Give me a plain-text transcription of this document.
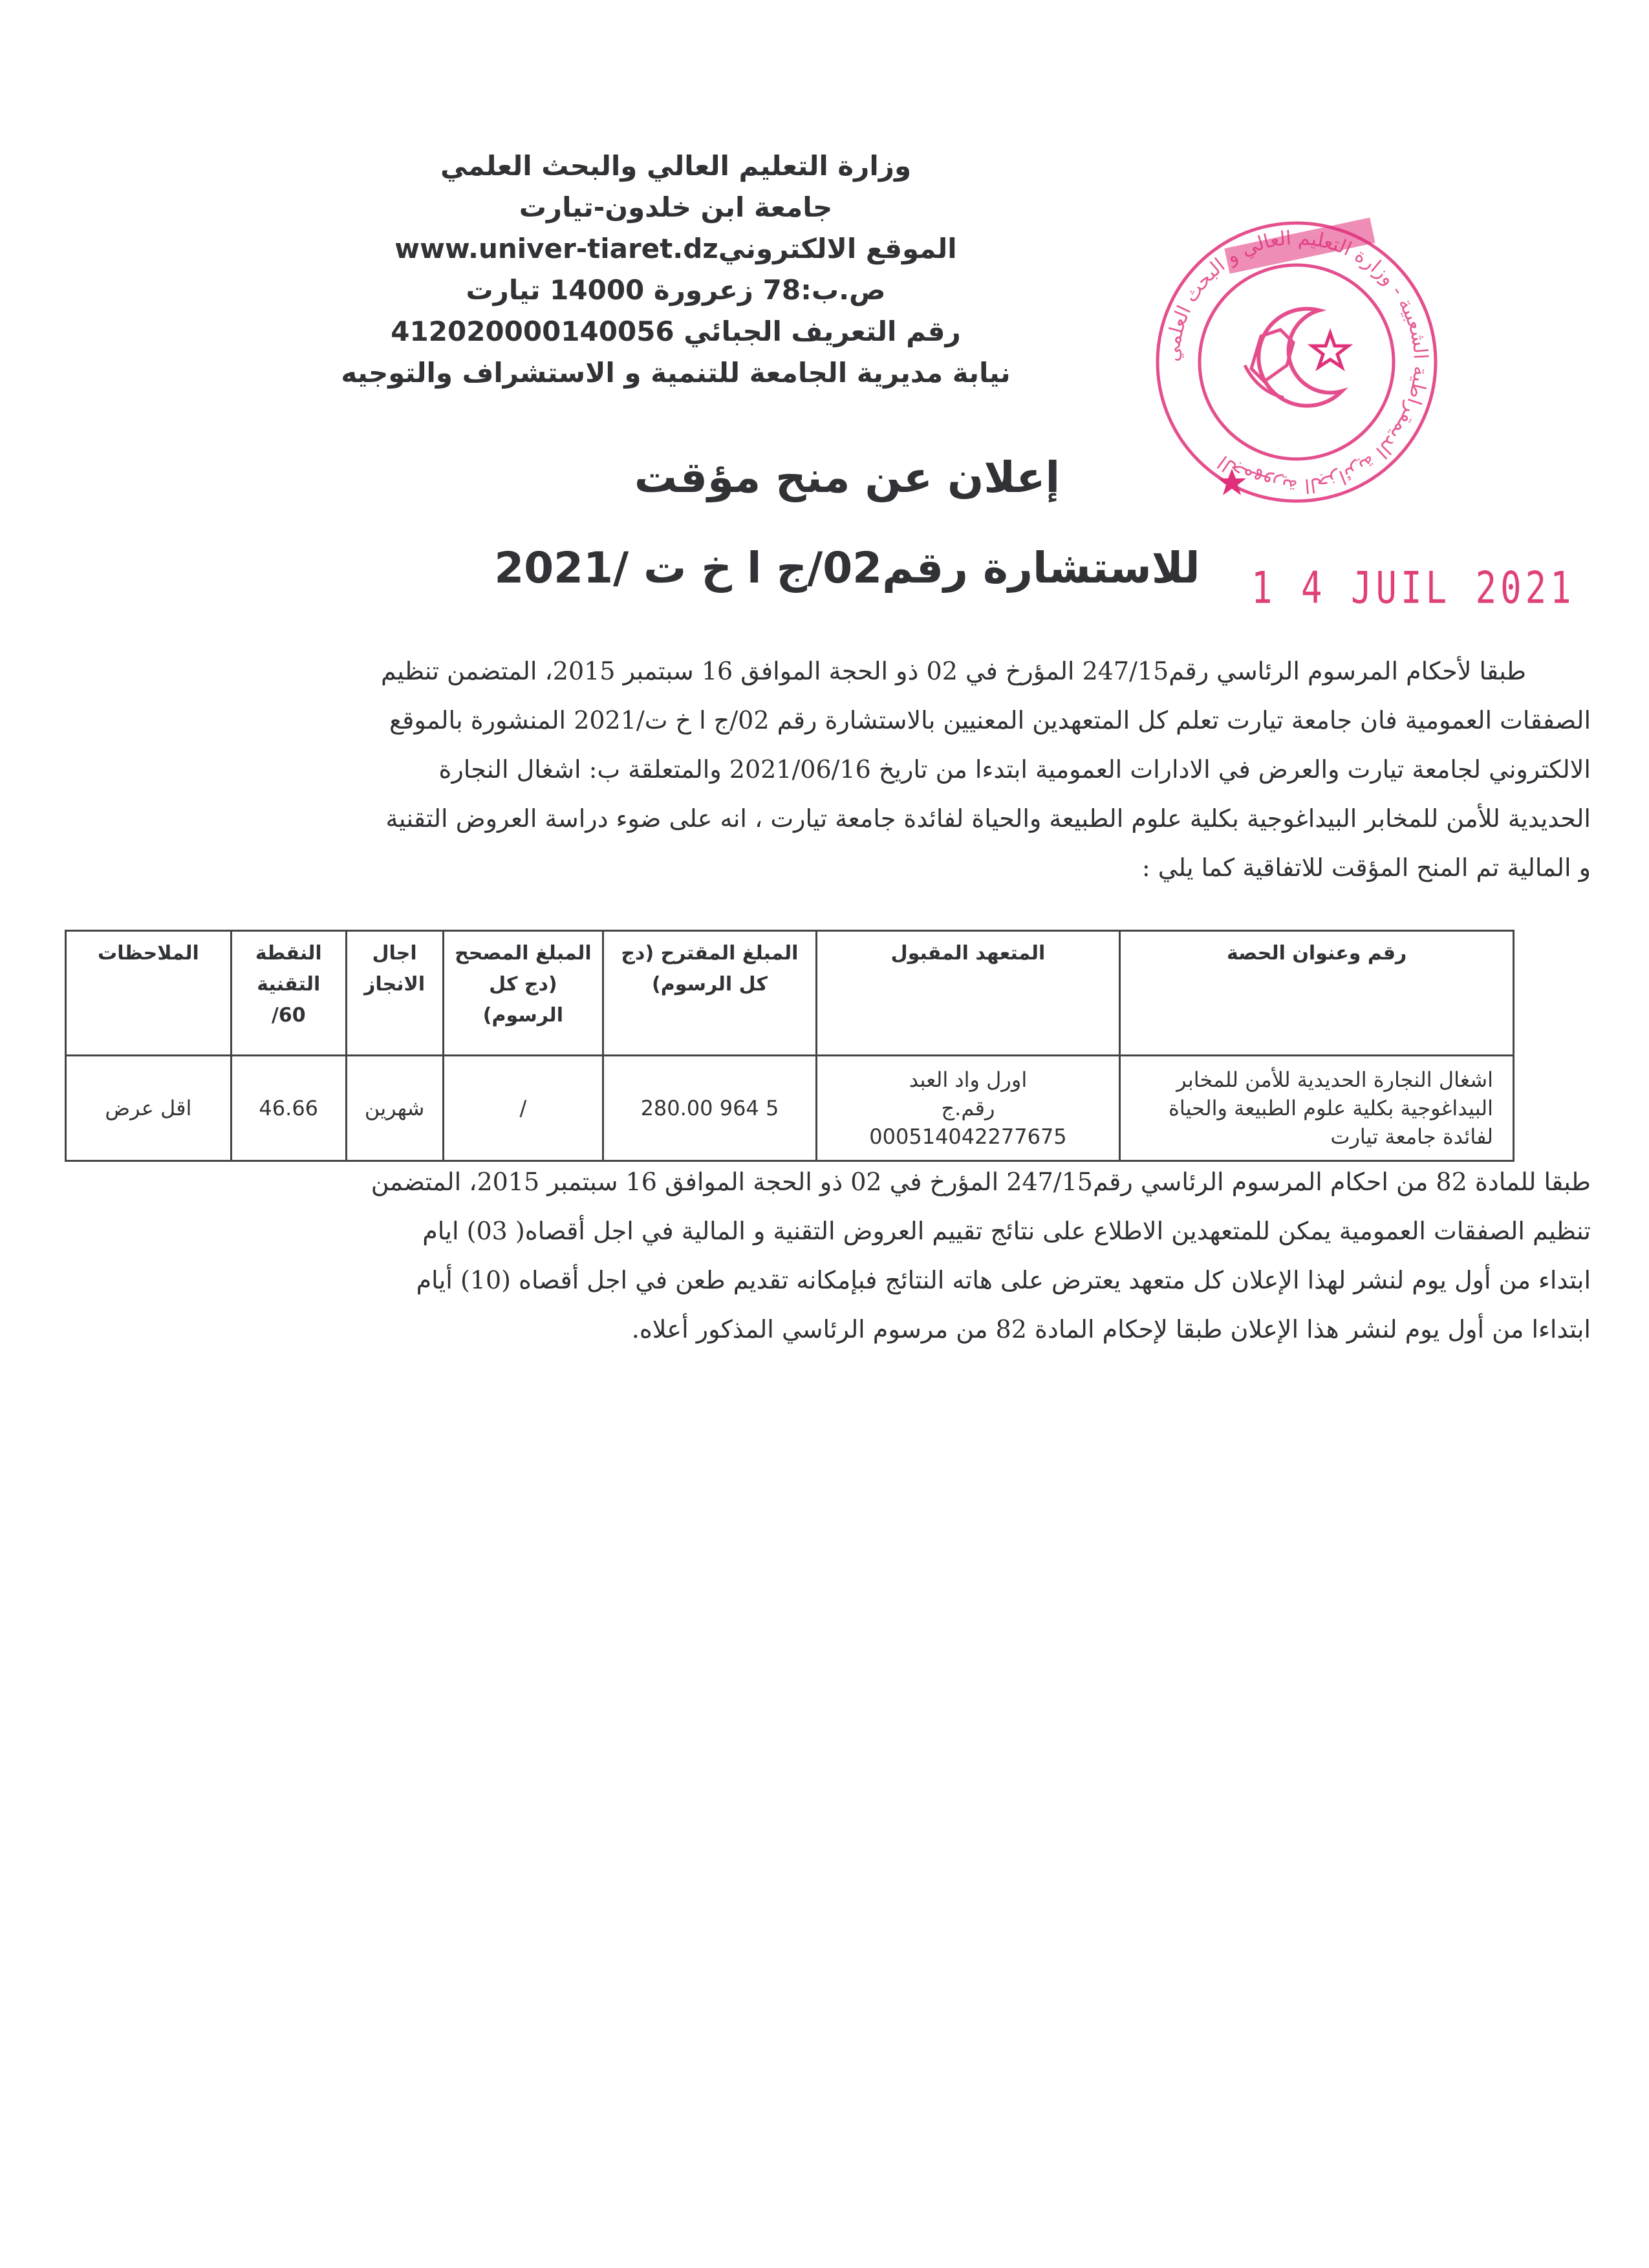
وزارة التعليم العالي والبحث العلمي
جامعة ابن خلدون-تيارت
الموقع الالكترونيwww.univer-tiaret.dz
ص.ب:78 زعرورة 14000 تيارت
رقم التعريف الجبائي 41202000014005​6
نيابة مديرية الجامعة للتنمية و الاستشراف والتوجيه
الجمهورية الجزائرية الديمقراطية الشعبية - وزارة التعليم العالي و البحث العلمي
إعلان عن منح مؤقت
للاستشارة رقم02/ج ا خ ت /2021	1 4 JUIL 2021
طبقا لأحكام المرسوم الرئاسي رقم247/15 المؤرخ في 02 ذو الحجة الموافق 16 سبتمبر 2015، المتضمن تنظيم
الصفقات العمومية فان جامعة تيارت تعلم كل المتعهدين المعنيين بالاستشارة رقم 02/ج ا خ ت/2021 المنشورة بالموقع
الالكتروني لجامعة تيارت والعرض في الادارات العمومية ابتدءا من تاريخ 2021/06/16 والمتعلقة ب: اشغال النجارة
الحديدية للأمن للمخابر البيداغوجية بكلية علوم الطبيعة والحياة لفائدة جامعة تيارت ، انه على ضوء دراسة العروض التقنية
و المالية تم المنح المؤقت للاتفاقية كما يلي :
رقم وعنوان الحصة	المتعهد المقبول	المبلغ المقترح (دج كل الرسوم)	المبلغ المصحح (دج كل الرسوم)	اجال الانجاز	النقطة التقنية 60/	الملاحظات
اشغال النجارة الحديدية للأمن للمخابر البيداغوجية بكلية علوم الطبيعة والحياة لفائدة جامعة تيارت	اورل واد العبد
رقم.ج
000514042277675	5 964 280.00	/	شهرين	46.66	اقل عرض
طبقا للمادة 82 من احكام المرسوم الرئاسي رقم247/15 المؤرخ في 02 ذو الحجة الموافق 16 سبتمبر 2015، المتضمن
تنظيم الصفقات العمومية يمكن للمتعهدين الاطلاع على نتائج تقييم العروض التقنية و المالية في اجل أقصاه( 03) ايام
ابتداء من أول يوم لنشر لهذا الإعلان كل متعهد يعترض على هاته النتائج فبإمكانه تقديم طعن في اجل أقصاه (10) أيام
ابتداءا من أول يوم لنشر هذا الإعلان طبقا لإحكام المادة 82 من مرسوم الرئاسي المذكور أعلاه.
